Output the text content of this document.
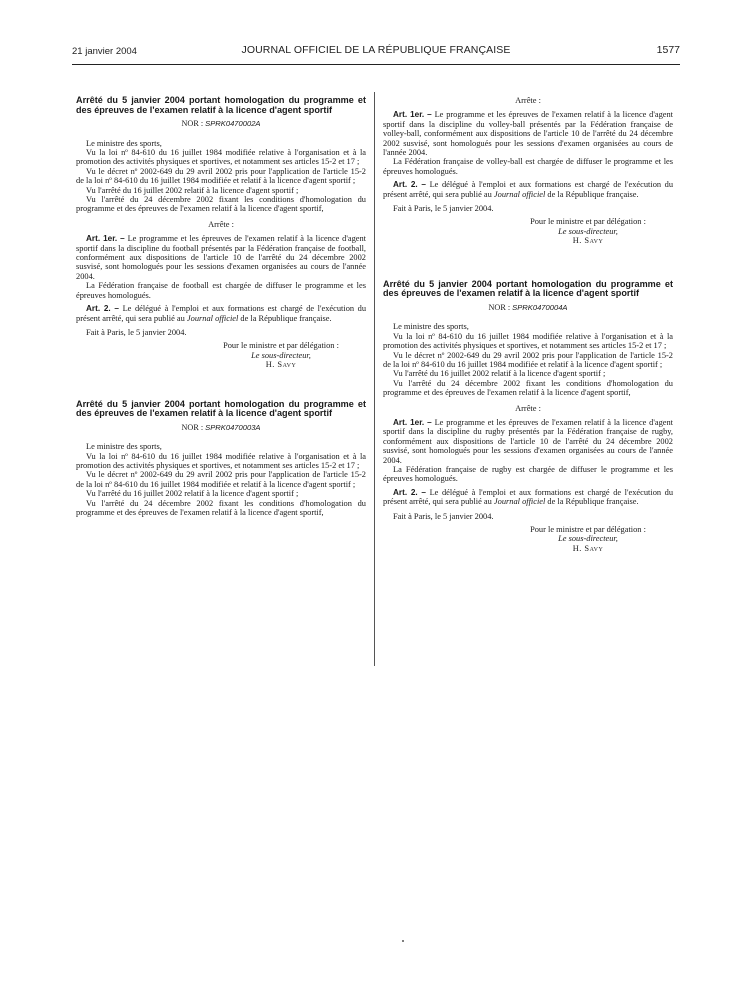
21 janvier 2004	JOURNAL OFFICIEL DE LA RÉPUBLIQUE FRANÇAISE	1577

Arrêté du 5 janvier 2004 portant homologation du programme et des épreuves de l'examen relatif à la licence d'agent sportif

NOR : SPRK0470002A

Le ministre des sports,

Vu la loi nº 84-610 du 16 juillet 1984 modifiée relative à l'organisation et à la promotion des activités physiques et sportives, et notamment ses articles 15-2 et 17 ;

Vu le décret nº 2002-649 du 29 avril 2002 pris pour l'application de l'article 15-2 de la loi nº 84-610 du 16 juillet 1984 modifiée et relatif à la licence d'agent sportif ;

Vu l'arrêté du 16 juillet 2002 relatif à la licence d'agent sportif ;

Vu l'arrêté du 24 décembre 2002 fixant les conditions d'homologation du programme et des épreuves de l'examen relatif à la licence d'agent sportif,

Arrête :

Art. 1er. – Le programme et les épreuves de l'examen relatif à la licence d'agent sportif dans la discipline du football présentés par la Fédération française de football, conformément aux dispositions de l'article 10 de l'arrêté du 24 décembre 2002 susvisé, sont homologués pour les sessions d'examen organisées au cours de l'année 2004.

La Fédération française de football est chargée de diffuser le programme et les épreuves homologués.

Art. 2. – Le délégué à l'emploi et aux formations est chargé de l'exécution du présent arrêté, qui sera publié au Journal officiel de la République française.

Fait à Paris, le 5 janvier 2004.

Pour le ministre et par délégation :
Le sous-directeur,
H. Savy

Arrêté du 5 janvier 2004 portant homologation du programme et des épreuves de l'examen relatif à la licence d'agent sportif

NOR : SPRK0470003A

Le ministre des sports,

Vu la loi nº 84-610 du 16 juillet 1984 modifiée relative à l'organisation et à la promotion des activités physiques et sportives, et notamment ses articles 15-2 et 17 ;

Vu le décret nº 2002-649 du 29 avril 2002 pris pour l'application de l'article 15-2 de la loi nº 84-610 du 16 juillet 1984 modifiée et relatif à la licence d'agent sportif ;

Vu l'arrêté du 16 juillet 2002 relatif à la licence d'agent sportif ;

Vu l'arrêté du 24 décembre 2002 fixant les conditions d'homologation du programme et des épreuves de l'examen relatif à la licence d'agent sportif,

Arrête :

Art. 1er. – Le programme et les épreuves de l'examen relatif à la licence d'agent sportif dans la discipline du volley-ball présentés par la Fédération française de volley-ball, conformément aux dispositions de l'article 10 de l'arrêté du 24 décembre 2002 susvisé, sont homologués pour les sessions d'examen organisées au cours de l'année 2004.

La Fédération française de volley-ball est chargée de diffuser le programme et les épreuves homologués.

Art. 2. – Le délégué à l'emploi et aux formations est chargé de l'exécution du présent arrêté, qui sera publié au Journal officiel de la République française.

Fait à Paris, le 5 janvier 2004.

Pour le ministre et par délégation :
Le sous-directeur,
H. Savy

Arrêté du 5 janvier 2004 portant homologation du programme et des épreuves de l'examen relatif à la licence d'agent sportif

NOR : SPRK0470004A

Le ministre des sports,

Vu la loi nº 84-610 du 16 juillet 1984 modifiée relative à l'organisation et à la promotion des activités physiques et sportives, et notamment ses articles 15-2 et 17 ;

Vu le décret nº 2002-649 du 29 avril 2002 pris pour l'application de l'article 15-2 de la loi nº 84-610 du 16 juillet 1984 modifiée et relatif à la licence d'agent sportif ;

Vu l'arrêté du 16 juillet 2002 relatif à la licence d'agent sportif ;

Vu l'arrêté du 24 décembre 2002 fixant les conditions d'homologation du programme et des épreuves de l'examen relatif à la licence d'agent sportif,

Arrête :

Art. 1er. – Le programme et les épreuves de l'examen relatif à la licence d'agent sportif dans la discipline du rugby présentés par la Fédération française de rugby, conformément aux dispositions de l'article 10 de l'arrêté du 24 décembre 2002 susvisé, sont homologués pour les sessions d'examen organisées au cours de l'année 2004.

La Fédération française de rugby est chargée de diffuser le programme et les épreuves homologués.

Art. 2. – Le délégué à l'emploi et aux formations est chargé de l'exécution du présent arrêté, qui sera publié au Journal officiel de la République française.

Fait à Paris, le 5 janvier 2004.

Pour le ministre et par délégation :
Le sous-directeur,
H. Savy
